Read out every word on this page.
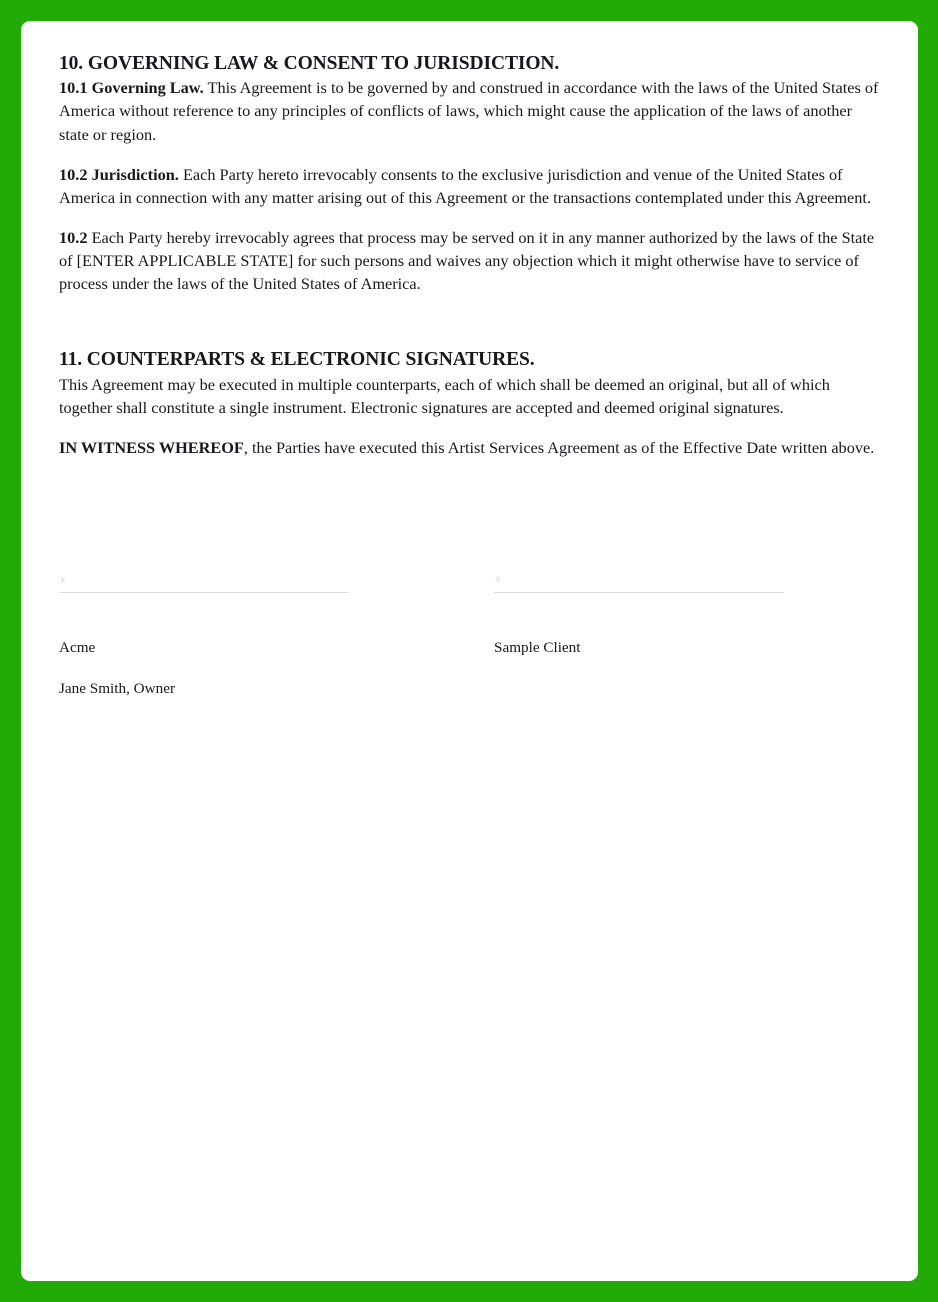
10. GOVERNING LAW & CONSENT TO JURISDICTION.

10.1 Governing Law. This Agreement is to be governed by and construed in accordance with the laws of the United States of America without reference to any principles of conflicts of laws, which might cause the application of the laws of another state or region.

10.2 Jurisdiction. Each Party hereto irrevocably consents to the exclusive jurisdiction and venue of the United States of America in connection with any matter arising out of this Agreement or the transactions contemplated under this Agreement.

10.2 Each Party hereby irrevocably agrees that process may be served on it in any manner authorized by the laws of the State of [ENTER APPLICABLE STATE] for such persons and waives any objection which it might otherwise have to service of process under the laws of the United States of America.

11. COUNTERPARTS & ELECTRONIC SIGNATURES.

This Agreement may be executed in multiple counterparts, each of which shall be deemed an original, but all of which together shall constitute a single instrument. Electronic signatures are accepted and deemed original signatures.

IN WITNESS WHEREOF, the Parties have executed this Artist Services Agreement as of the Effective Date written above.

x
Acme
Jane Smith, Owner
x
Sample Client
